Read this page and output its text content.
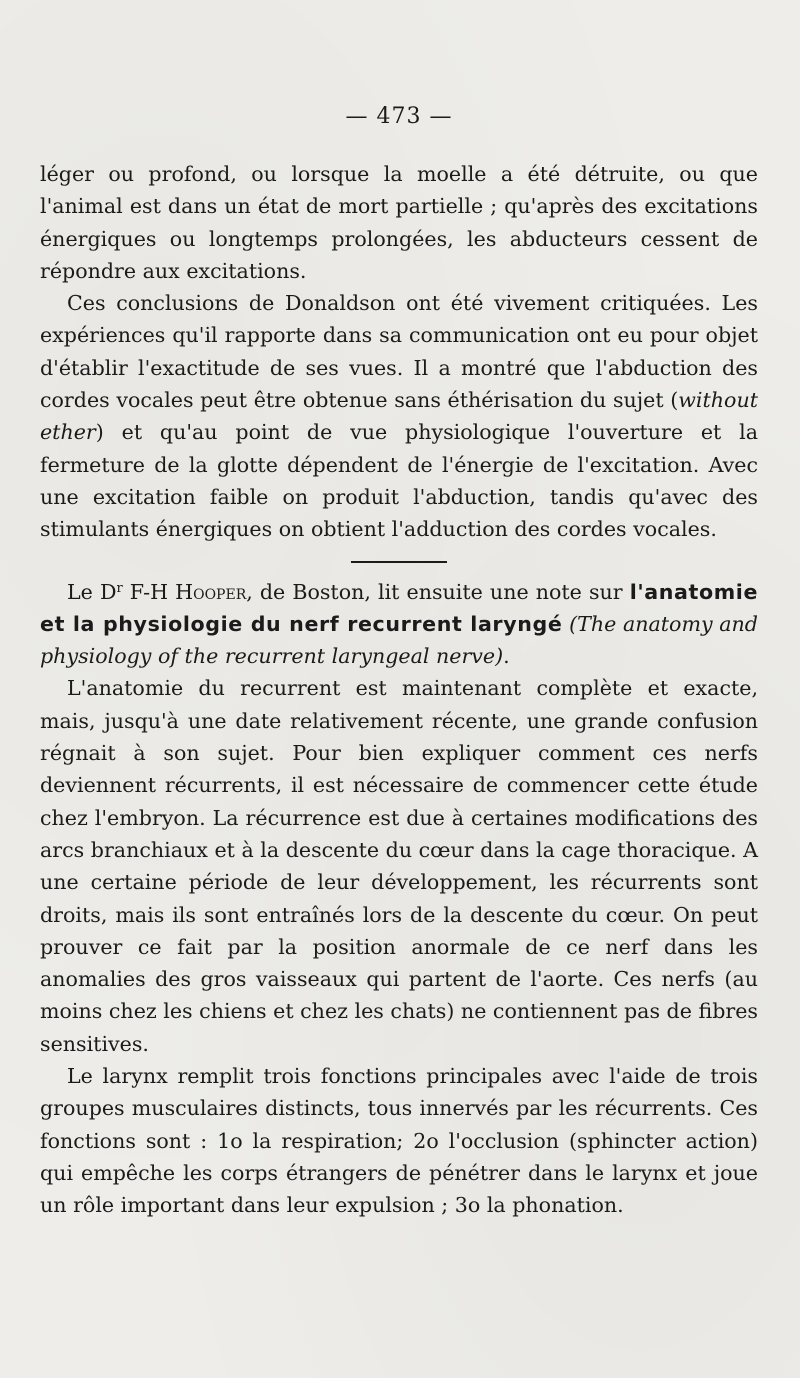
— 473 —

léger ou profond, ou lorsque la moelle a été détruite, ou que l'animal est dans un état de mort partielle ; qu'après des excitations énergiques ou longtemps prolongées, les abducteurs cessent de répondre aux excitations.

Ces conclusions de Donaldson ont été vivement critiquées. Les expériences qu'il rapporte dans sa communication ont eu pour objet d'établir l'exactitude de ses vues. Il a montré que l'abduction des cordes vocales peut être obtenue sans éthérisation du sujet (without ether) et qu'au point de vue physiologique l'ouverture et la fermeture de la glotte dépendent de l'énergie de l'excitation. Avec une excitation faible on produit l'abduction, tandis qu'avec des stimulants énergiques on obtient l'adduction des cordes vocales.

Le $D^r$ F-H Hooper, de Boston, lit ensuite une note sur l'anatomie et la physiologie du nerf recurrent laryngé (The anatomy and physiology of the recurrent laryngeal nerve).

L'anatomie du recurrent est maintenant complète et exacte, mais, jusqu'à une date relativement récente, une grande confusion régnait à son sujet. Pour bien expliquer comment ces nerfs deviennent récurrents, il est nécessaire de commencer cette étude chez l'embryon. La récurrence est due à certaines modifications des arcs branchiaux et à la descente du cœur dans la cage thoracique. A une certaine période de leur développement, les récurrents sont droits, mais ils sont entraînés lors de la descente du cœur. On peut prouver ce fait par la position anormale de ce nerf dans les anomalies des gros vaisseaux qui partent de l'aorte. Ces nerfs (au moins chez les chiens et chez les chats) ne contiennent pas de fibres sensitives.

Le larynx remplit trois fonctions principales avec l'aide de trois groupes musculaires distincts, tous innervés par les récurrents. Ces fonctions sont : 1o la respiration; 2o l'occlusion (sphincter action) qui empêche les corps étrangers de pénétrer dans le larynx et joue un rôle important dans leur expulsion ; 3o la phonation.
